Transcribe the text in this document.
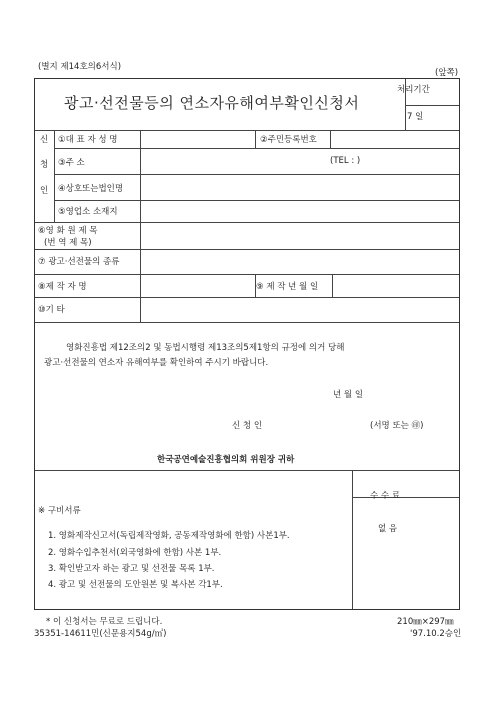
(별지 제14호의6서식)
(앞쪽)
광고·선전물등의 연소자유해여부확인신청서
처리기간
7 일
신
청
인
①대 표 자 성 명	②주민등록번호
③주 소	(TEL : )
④상호또는법인명
⑤영업소 소재지
⑥영 화 원 제 목
(번 역 제 목)
⑦ 광고·선전물의 종류
⑧제 작 자 명	⑨ 제 작 년 월 일
⑩기 타
영화진흥법 제12조의2 및 동법시행령 제13조의5제1항의 규정에 의거 당해
광고·선전물의 연소자 유해여부를 확인하여 주시기 바랍니다.
년 월 일
신 청 인	(서명 또는 ㊞)
한국공연예술진흥협의회 위원장 귀하
※ 구비서류
1. 영화제작신고서(독립제작영화, 공동제작영화에 한함) 사본1부.
2. 영화수입추천서(외국영화에 한함) 사본 1부.
3. 확인받고자 하는 광고 및 선전물 목록 1부.
4. 광고 및 선전물의 도안원본 및 복사본 각1부.
수 수 료
없 음
* 이 신청서는 무료로 드립니다.	210㎜×297㎜
35351-14611민(신문용지54g/㎡)	'97.10.2승인
